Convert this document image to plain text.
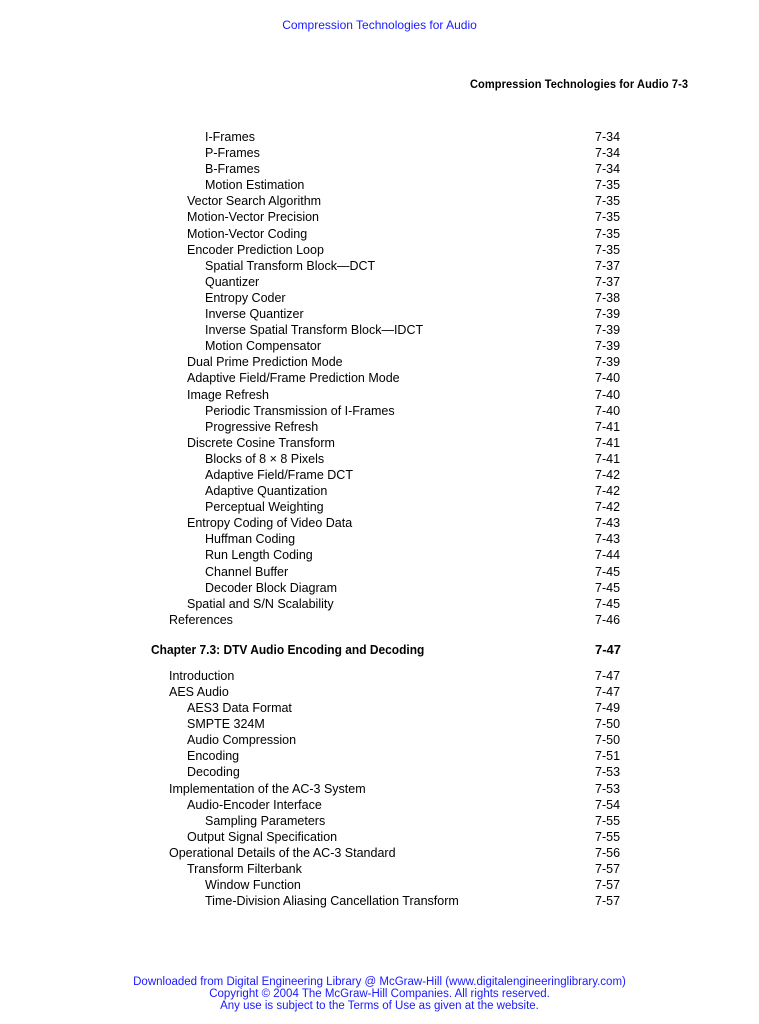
Compression Technologies for Audio
Compression Technologies for Audio 7-3
I-Frames	7-34
P-Frames	7-34
B-Frames	7-34
Motion Estimation	7-35
Vector Search Algorithm	7-35
Motion-Vector Precision	7-35
Motion-Vector Coding	7-35
Encoder Prediction Loop	7-35
Spatial Transform Block—DCT	7-37
Quantizer	7-37
Entropy Coder	7-38
Inverse Quantizer	7-39
Inverse Spatial Transform Block—IDCT	7-39
Motion Compensator	7-39
Dual Prime Prediction Mode	7-39
Adaptive Field/Frame Prediction Mode	7-40
Image Refresh	7-40
Periodic Transmission of I-Frames	7-40
Progressive Refresh	7-41
Discrete Cosine Transform	7-41
Blocks of 8 × 8 Pixels	7-41
Adaptive Field/Frame DCT	7-42
Adaptive Quantization	7-42
Perceptual Weighting	7-42
Entropy Coding of Video Data	7-43
Huffman Coding	7-43
Run Length Coding	7-44
Channel Buffer	7-45
Decoder Block Diagram	7-45
Spatial and S/N Scalability	7-45
References	7-46
Chapter 7.3: DTV Audio Encoding and Decoding	7-47
Introduction	7-47
AES Audio	7-47
AES3 Data Format	7-49
SMPTE 324M	7-50
Audio Compression	7-50
Encoding	7-51
Decoding	7-53
Implementation of the AC-3 System	7-53
Audio-Encoder Interface	7-54
Sampling Parameters	7-55
Output Signal Specification	7-55
Operational Details of the AC-3 Standard	7-56
Transform Filterbank	7-57
Window Function	7-57
Time-Division Aliasing Cancellation Transform	7-57
Downloaded from Digital Engineering Library @ McGraw-Hill (www.digitalengineeringlibrary.com)
Copyright © 2004 The McGraw-Hill Companies. All rights reserved.
Any use is subject to the Terms of Use as given at the website.
